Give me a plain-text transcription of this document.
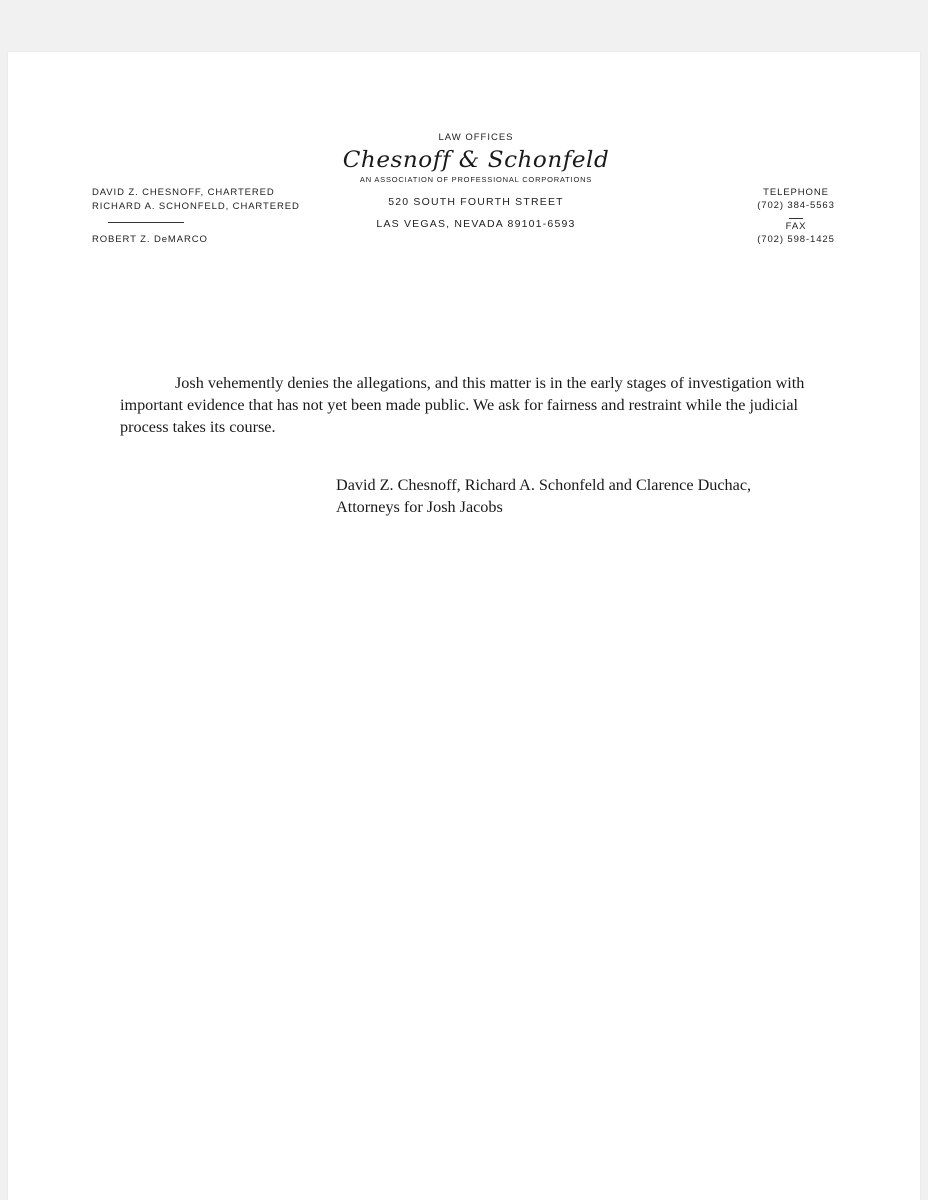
DAVID Z. CHESNOFF, CHARTERED
RICHARD A. SCHONFELD, CHARTERED
ROBERT Z. DeMARCO
LAW OFFICES
Chesnoff & Schonfeld
AN ASSOCIATION OF PROFESSIONAL CORPORATIONS
520 SOUTH FOURTH STREET
LAS VEGAS, NEVADA 89101-6593
TELEPHONE
(702) 384-5563
FAX
(702) 598-1425

Josh vehemently denies the allegations, and this matter is in the early stages of investigation with important evidence that has not yet been made public. We ask for fairness and restraint while the judicial process takes its course.

David Z. Chesnoff, Richard A. Schonfeld and Clarence Duchac,
Attorneys for Josh Jacobs
